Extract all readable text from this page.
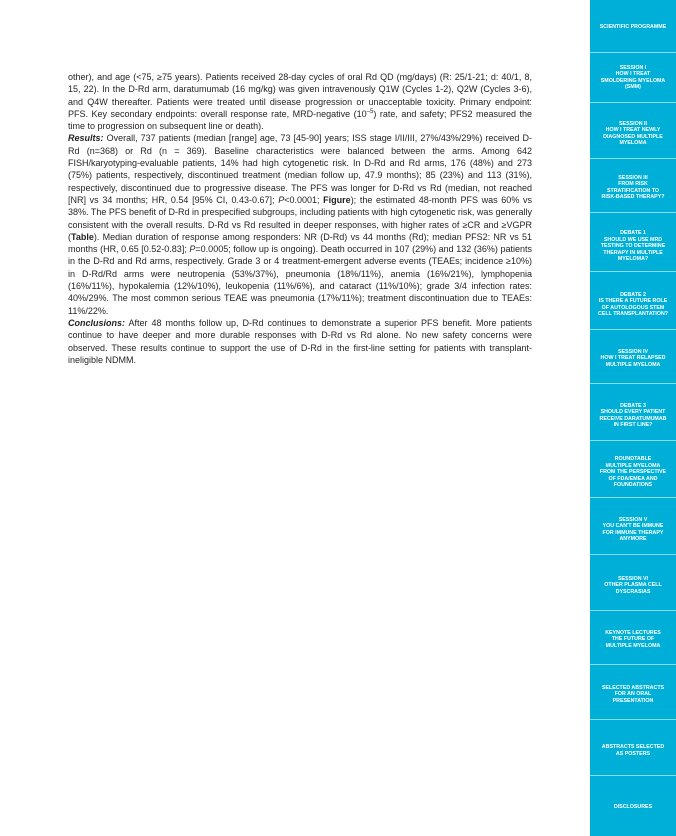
other), and age (<75, ≥75 years). Patients received 28-day cycles of oral Rd QD (mg/days) (R: 25/1-21; d: 40/1, 8, 15, 22). In the D-Rd arm, daratumumab (16 mg/kg) was given intravenously Q1W (Cycles 1-2), Q2W (Cycles 3-6), and Q4W thereafter. Patients were treated until disease progression or unacceptable toxicity. Primary endpoint: PFS. Key secondary endpoints: overall response rate, MRD-negative $(10^{-5})$ rate, and safety; PFS2 measured the time to progression on subsequent line or death).

Results: Overall, 737 patients (median [range] age, 73 [45-90] years; ISS stage I/II/III, 27%/43%/29%) received D-Rd (n=368) or Rd (n = 369). Baseline characteristics were balanced between the arms. Among 642 FISH/karyotyping-evaluable patients, 14% had high cytogenetic risk. In D-Rd and Rd arms, 176 (48%) and 273 (75%) patients, respectively, discontinued treatment (median follow up, 47.9 months); 85 (23%) and 113 (31%), respectively, discontinued due to progressive disease. The PFS was longer for D-Rd vs Rd (median, not reached [NR] vs 34 months; HR, 0.54 [95% CI, 0.43-0.67]; P<0.0001; Figure); the estimated 48-month PFS was 60% vs 38%. The PFS benefit of D-Rd in prespecified subgroups, including patients with high cytogenetic risk, was generally consistent with the overall results. D-Rd vs Rd resulted in deeper responses, with higher rates of ≥CR and ≥VGPR (Table). Median duration of response among responders: NR (D-Rd) vs 44 months (Rd); median PFS2: NR vs 51 months (HR, 0.65 [0.52-0.83]; P=0.0005; follow up is ongoing). Death occurred in 107 (29%) and 132 (36%) patients in the D-Rd and Rd arms, respectively. Grade 3 or 4 treatment-emergent adverse events (TEAEs; incidence ≥10%) in D-Rd/Rd arms were neutropenia (53%/37%), pneumonia (18%/11%), anemia (16%/21%), lymphopenia (16%/11%), hypokalemia (12%/10%), leukopenia (11%/6%), and cataract (11%/10%); grade 3/4 infection rates: 40%/29%. The most common serious TEAE was pneumonia (17%/11%); treatment discontinuation due to TEAEs: 11%/22%.

Conclusions: After 48 months follow up, D-Rd continues to demonstrate a superior PFS benefit. More patients continue to have deeper and more durable responses with D-Rd vs Rd alone. No new safety concerns were observed. These results continue to support the use of D-Rd in the first-line setting for patients with transplant-ineligible NDMM.

SCIENTIFIC PROGRAMME
SESSION I
HOW I TREAT
SMOLDERING MYELOMA
(SMM)
SESSION II
HOW I TREAT NEWLY
DIAGNOSED MULTIPLE
MYELOMA
SESSION III
FROM RISK
STRATIFICATION TO
RISK-BASED THERAPY?
DEBATE 1
SHOULD WE USE MRD
TESTING TO DETERMINE
THERAPY IN MULTIPLE MYELOMA?
DEBATE 2
IS THERE A FUTURE ROLE
OF AUTOLOGOUS STEM
CELL TRANSPLANTATION?
SESSION IV
HOW I TREAT RELAPSED
MULTIPLE MYELOMA
DEBATE 3
SHOULD EVERY PATIENT
RECEIVE DARATUMUMAB
IN FIRST LINE?
ROUNDTABLE
MULTIPLE MYELOMA
FROM THE PERSPECTIVE
OF FDA/EMEA AND FOUNDATIONS
SESSION V
YOU CAN'T BE IMMUNE
FOR IMMUNE THERAPY
ANYMORE
SESSION VI
OTHER PLASMA CELL
DYSCRASIAS
KEYNOTE LECTURES
THE FUTURE OF
MULTIPLE MYELOMA
SELECTED ABSTRACTS
FOR AN ORAL
PRESENTATION
ABSTRACTS SELECTED
AS POSTERS
DISCLOSURES
